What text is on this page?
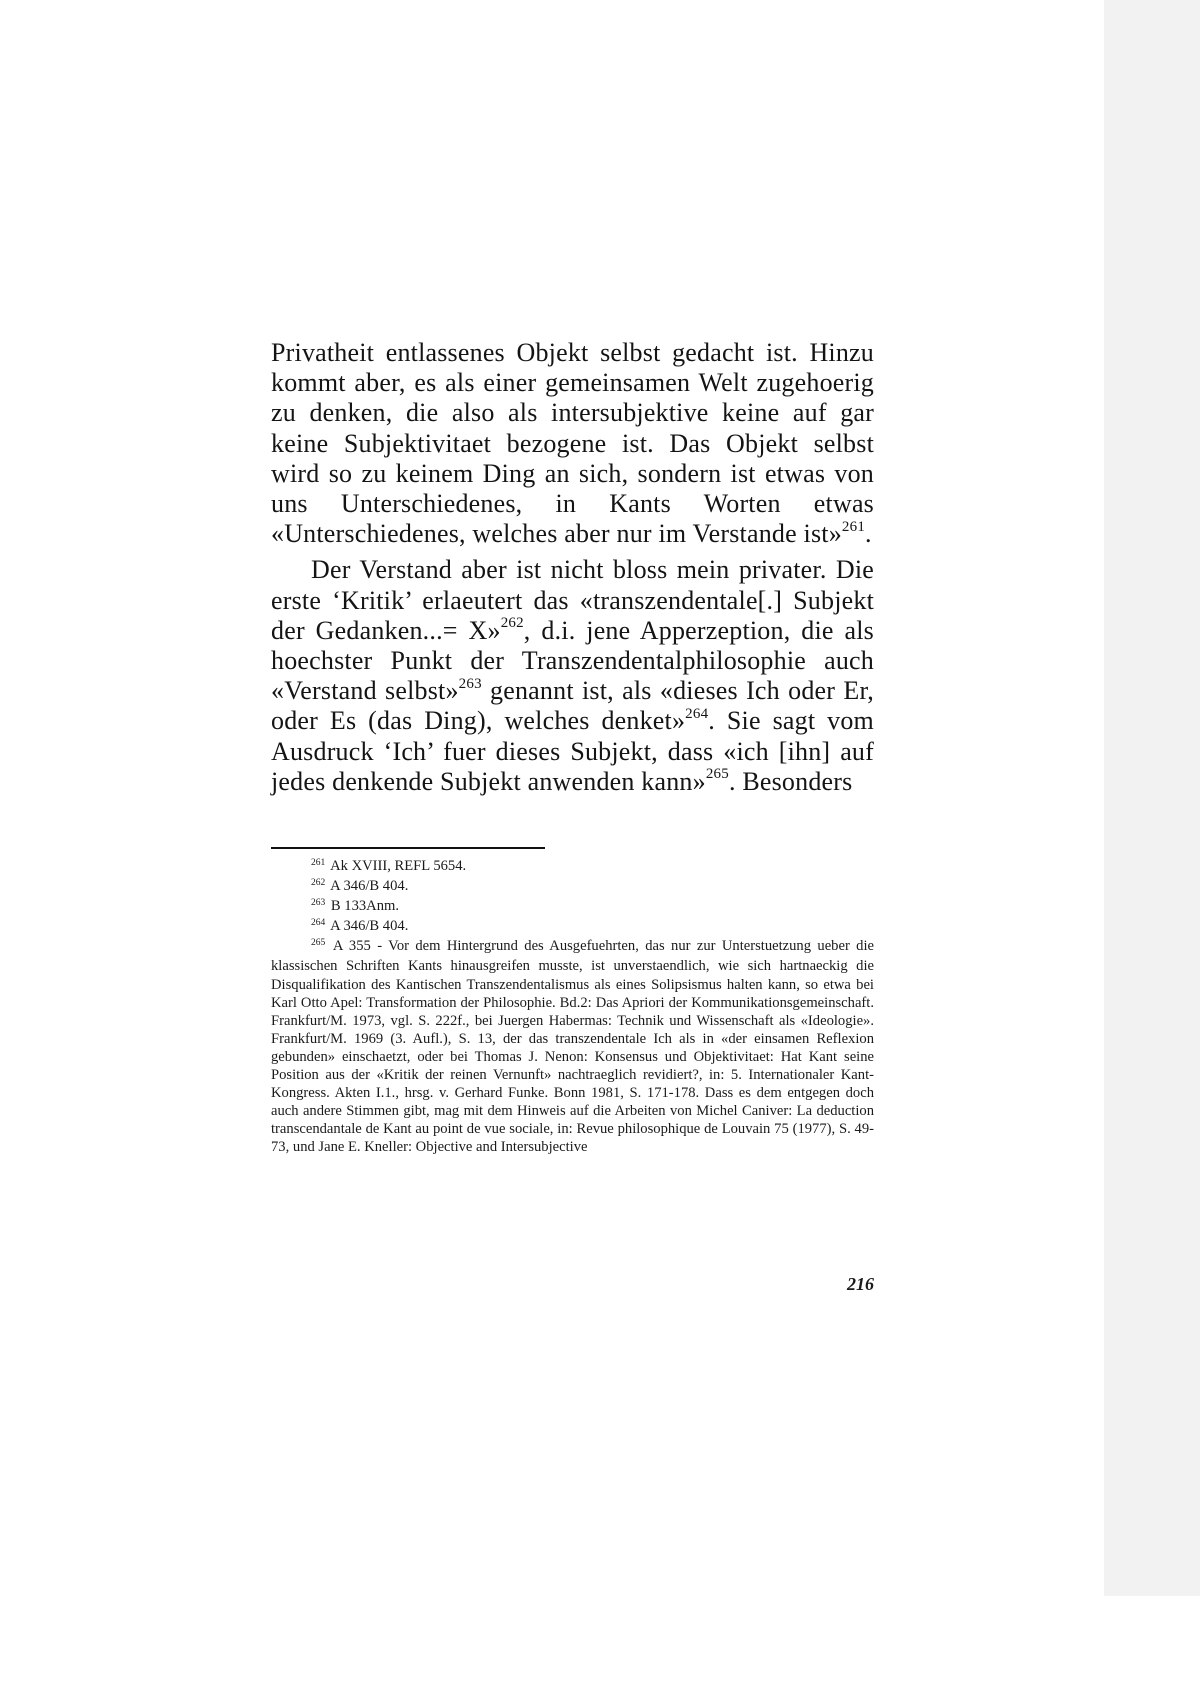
Privatheit entlassenes Objekt selbst gedacht ist. Hinzu kommt aber, es als einer gemeinsamen Welt zugehoerig zu denken, die also als intersubjektive keine auf gar keine Subjektivitaet bezogene ist. Das Objekt selbst wird so zu keinem Ding an sich, sondern ist etwas von uns Unterschiedenes, in Kants Worten etwas «Unterschiedenes, welches aber nur im Verstande ist»$^{261}$.

Der Verstand aber ist nicht bloss mein privater. Die erste ‘Kritik’ erlaeutert das «transzendentale[.] Subjekt der Gedanken...= X»$^{262}$, d.i. jene Apperzeption, die als hoechster Punkt der Transzendentalphilosophie auch «Verstand selbst»$^{263}$ genannt ist, als «dieses Ich oder Er, oder Es (das Ding), welches denket»$^{264}$. Sie sagt vom Ausdruck ‘Ich’ fuer dieses Subjekt, dass «ich [ihn] auf jedes denkende Subjekt anwenden kann»$^{265}$. Besonders

$^{261}$ Ak XVIII, REFL 5654.

$^{262}$ A 346/B 404.

$^{263}$ B 133Anm.

$^{264}$ A 346/B 404.

$^{265}$ A 355 - Vor dem Hintergrund des Ausgefuehrten, das nur zur Unterstuetzung ueber die klassischen Schriften Kants hinausgreifen musste, ist unverstaendlich, wie sich hartnaeckig die Disqualifikation des Kantischen Transzendentalismus als eines Solipsismus halten kann, so etwa bei Karl Otto Apel: Transformation der Philosophie. Bd.2: Das Apriori der Kommunikationsgemeinschaft. Frankfurt/M. 1973, vgl. S. 222f., bei Juergen Habermas: Technik und Wissenschaft als «Ideologie». Frankfurt/M. 1969 (3. Aufl.), S. 13, der das transzendentale Ich als in «der einsamen Reflexion gebunden» einschaetzt, oder bei Thomas J. Nenon: Konsensus und Objektivitaet: Hat Kant seine Position aus der «Kritik der reinen Vernunft» nachtraeglich revidiert?, in: 5. Internationaler Kant-Kongress. Akten I.1., hrsg. v. Gerhard Funke. Bonn 1981, S. 171-178. Dass es dem entgegen doch auch andere Stimmen gibt, mag mit dem Hinweis auf die Arbeiten von Michel Caniver: La deduction transcendantale de Kant au point de vue sociale, in: Revue philosophique de Louvain 75 (1977), S. 49-73, und Jane E. Kneller: Objective and Intersubjective

216
